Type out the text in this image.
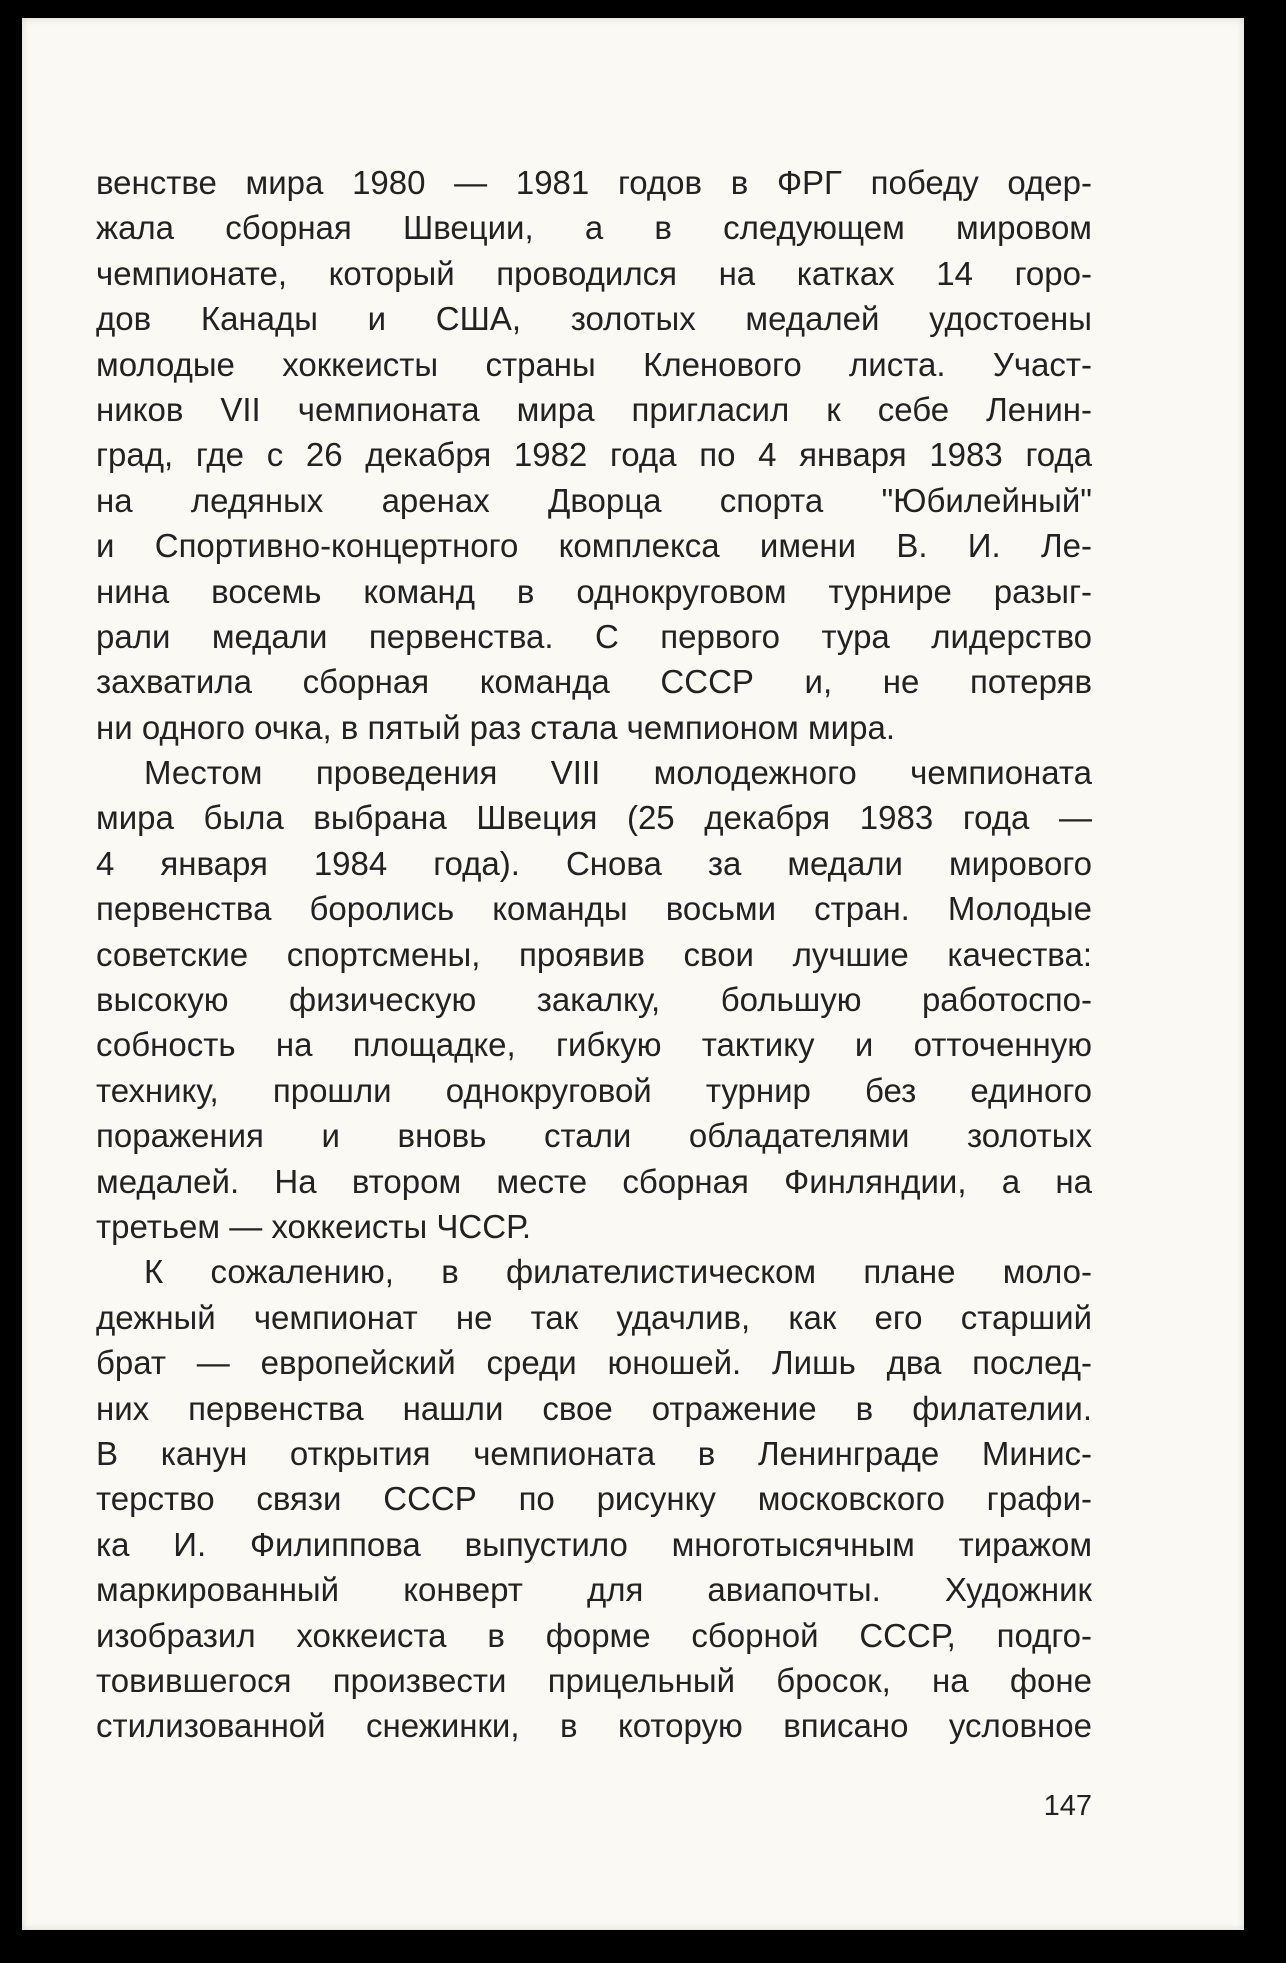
венстве мира 1980 — 1981 годов в ФРГ победу одер-
жала сборная Швеции, а в следующем мировом
чемпионате, который проводился на катках 14 горо-
дов Канады и США, золотых медалей удостоены
молодые хоккеисты страны Кленового листа. Участ-
ников VII чемпионата мира пригласил к себе Ленин-
град, где с 26 декабря 1982 года по 4 января 1983 года
на ледяных аренах Дворца спорта "Юбилейный"
и Спортивно-концертного комплекса имени В. И. Ле-
нина восемь команд в однокруговом турнире разыг-
рали медали первенства. С первого тура лидерство
захватила сборная команда СССР и, не потеряв
ни одного очка, в пятый раз стала чемпионом мира.
Местом проведения VIII молодежного чемпионата
мира была выбрана Швеция (25 декабря 1983 года —
4 января 1984 года). Снова за медали мирового
первенства боролись команды восьми стран. Молодые
советские спортсмены, проявив свои лучшие качества:
высокую физическую закалку, большую работоспо-
собность на площадке, гибкую тактику и отточенную
технику, прошли однокруговой турнир без единого
поражения и вновь стали обладателями золотых
медалей. На втором месте сборная Финляндии, а на
третьем — хоккеисты ЧССР.
К сожалению, в филателистическом плане моло-
дежный чемпионат не так удачлив, как его старший
брат — европейский среди юношей. Лишь два послед-
них первенства нашли свое отражение в филателии.
В канун открытия чемпионата в Ленинграде Минис-
терство связи СССР по рисунку московского графи-
ка И. Филиппова выпустило многотысячным тиражом
маркированный конверт для авиапочты. Художник
изобразил хоккеиста в форме сборной СССР, подго-
товившегося произвести прицельный бросок, на фоне
стилизованной снежинки, в которую вписано условное
147
